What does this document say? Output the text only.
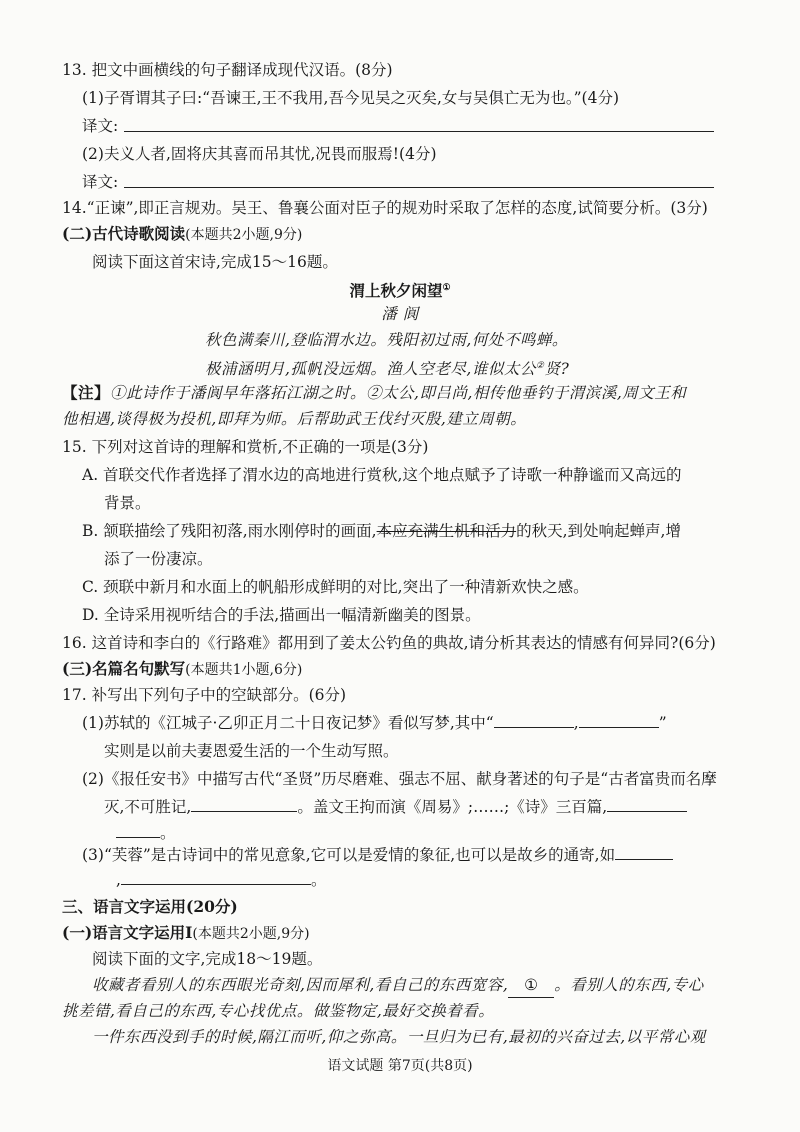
13. 把文中画横线的句子翻译成现代汉语。(8分)
(1)子胥谓其子曰:“吾谏王,王不我用,吾今见吴之灭矣,女与吴俱亡无为也。”(4分)
译文:
(2)夫义人者,固将庆其喜而吊其忧,况畏而服焉!(4分)
译文:
14.“正谏”,即正言规劝。吴王、鲁襄公面对臣子的规劝时采取了怎样的态度,试简要分析。(3分)
(二)古代诗歌阅读(本题共2小题,9分)
阅读下面这首宋诗,完成15～16题。
渭上秋夕闲望①
潘 阆
秋色满秦川,登临渭水边。残阳初过雨,何处不鸣蝉。
极浦涵明月,孤帆没远烟。渔人空老尽,谁似太公②贤?
【注】①此诗作于潘阆早年落拓江湖之时。②太公,即吕尚,相传他垂钓于渭滨溪,周文王和
他相遇,谈得极为投机,即拜为师。后帮助武王伐纣灭殷,建立周朝。
15. 下列对这首诗的理解和赏析,不正确的一项是(3分)
A. 首联交代作者选择了渭水边的高地进行赏秋,这个地点赋予了诗歌一种静谧而又高远的
背景。
B. 颔联描绘了残阳初落,雨水刚停时的画面,本应充满生机和活力的秋天,到处响起蝉声,增
添了一份凄凉。
C. 颈联中新月和水面上的帆船形成鲜明的对比,突出了一种清新欢快之感。
D. 全诗采用视听结合的手法,描画出一幅清新幽美的图景。
16. 这首诗和李白的《行路难》都用到了姜太公钓鱼的典故,请分析其表达的情感有何异同?(6分)
(三)名篇名句默写(本题共1小题,6分)
17. 补写出下列句子中的空缺部分。(6分)
(1)苏轼的《江城子·乙卯正月二十日夜记梦》看似写梦,其中“	,	”
实则是以前夫妻恩爱生活的一个生动写照。
(2)《报任安书》中描写古代“圣贤”历尽磨难、强志不屈、献身著述的句子是“古者富贵而名摩
灭,不可胜记,	。盖文王拘而演《周易》;……;《诗》三百篇,
。
(3)“芙蓉”是古诗词中的常见意象,它可以是爱情的象征,也可以是故乡的通寄,如
,	。
三、语言文字运用(20分)
(一)语言文字运用Ⅰ(本题共2小题,9分)
阅读下面的文字,完成18～19题。
收藏者看别人的东西眼光奇刻,因而犀利,看自己的东西宽容, ① 。看别人的东西,专心
挑差错,看自己的东西,专心找优点。做鉴物定,最好交换着看。
一件东西没到手的时候,隔江而听,仰之弥高。一旦归为已有,最初的兴奋过去,以平常心观
语文试题 第7页(共8页)
